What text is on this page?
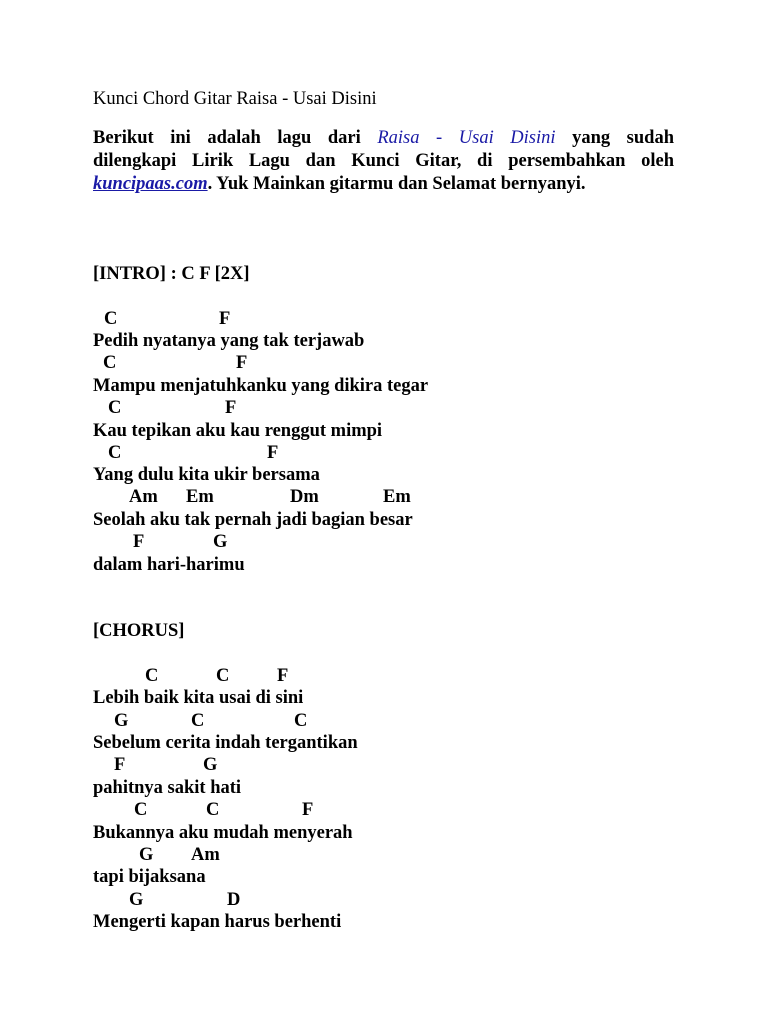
Kunci Chord Gitar Raisa - Usai Disini
Berikut ini adalah lagu dari Raisa - Usai Disini yang sudah
dilengkapi Lirik Lagu dan Kunci Gitar, di persembahkan oleh
kuncipaas.com. Yuk Mainkan gitarmu dan Selamat bernyanyi.
[INTRO] : C F [2X]
C	F
Pedih nyatanya yang tak terjawab
C	F
Mampu menjatuhkanku yang dikira tegar
C	F
Kau tepikan aku kau renggut mimpi
C	F
Yang dulu kita ukir bersama
Am Em	Dm	Em
Seolah aku tak pernah jadi bagian besar
F	G
dalam hari-harimu
[CHORUS]
C	C	F
Lebih baik kita usai di sini
G	C	C
Sebelum cerita indah tergantikan
F	G
pahitnya sakit hati
C	C	F
Bukannya aku mudah menyerah
G Am
tapi bijaksana
G	D
Mengerti kapan harus berhenti
